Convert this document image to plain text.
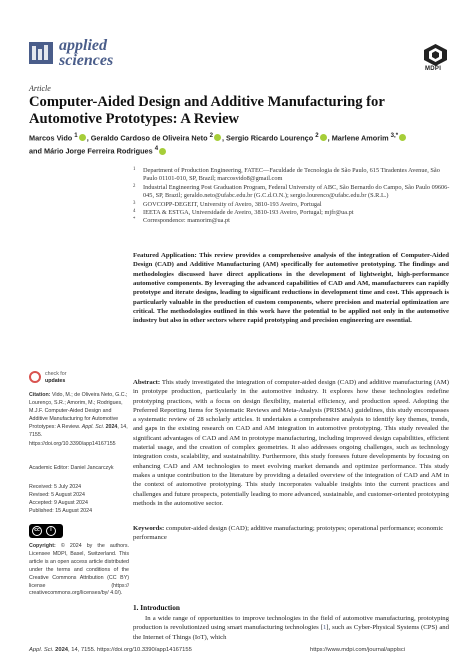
applied
sciences	MDPI
Article
Computer-Aided Design and Additive Manufacturing for Automotive Prototypes: A Review
Marcos Vido $^1$ , Geraldo Cardoso de Oliveira Neto $^2$ , Sergio Ricardo Lourenço $^2$ , Marlene Amorim $^{3,*}$
and Mário Jorge Ferreira Rodrigues $^4$
1 Department of Production Engineering, FATEC—Faculdade de Tecnologia de São Paulo, 615 Tiradentes Avenue, São Paulo 01101-010, SP, Brazil; marcosvido8@gmail.com
2 Industrial Engineering Post Graduation Program, Federal University of ABC, São Bernardo do Campo, São Paulo 09606-045, SP, Brazil; geraldo.neto@ufabc.edu.br (G.C.d.O.N.); sergio.lourenco@ufabc.edu.br (S.R.L.)
3 GOVCOPP-DEGEIT, University of Aveiro, 3810-193 Aveiro, Portugal
4 IEETA & ESTGA, Universidade de Aveiro, 3810-193 Aveiro, Portugal; mjfr@ua.pt
* Correspondence: mamorim@ua.pt
Featured Application: This review provides a comprehensive analysis of the integration of Computer-Aided Design (CAD) and Additive Manufacturing (AM) specifically for automotive prototyping. The findings and methodologies discussed have direct applications in the development of lightweight, high-performance automotive components. By leveraging the advanced capabilities of CAD and AM, manufacturers can rapidly prototype and iterate designs, leading to significant reductions in development time and cost. This approach is particularly valuable in the production of custom components, where precision and material optimization are critical. The methodologies outlined in this work have the potential to be applied not only in the automotive industry but also in other sectors where rapid prototyping and precision engineering are essential.
check for
updates
Citation: Vido, M.; de Oliveira Neto, G.C.; Lourenço, S.R.; Amorim, M.; Rodrigues, M.J.F. Computer-Aided Design and Additive Manufacturing for Automotive Prototypes: A Review. Appl. Sci. 2024, 14, 7155. https://doi.org/10.3390/app14167155
Academic Editor: Daniel Jancarczyk
Received: 5 July 2024
Revised: 5 August 2024
Accepted: 9 August 2024
Published: 15 August 2024
cc	i
Copyright: © 2024 by the authors. Licensee MDPI, Basel, Switzerland. This article is an open access article distributed under the terms and conditions of the Creative Commons Attribution (CC BY) license (https:// creativecommons.org/licenses/by/ 4.0/).
Abstract: This study investigated the integration of computer-aided design (CAD) and additive manufacturing (AM) in prototype production, particularly in the automotive industry. It explores how these technologies redefine prototyping practices, with a focus on design flexibility, material efficiency, and production speed. Adopting the Preferred Reporting Items for Systematic Reviews and Meta-Analysis (PRISMA) guidelines, this study encompasses a systematic review of 28 scholarly articles. It undertakes a comprehensive analysis to identify key themes, trends, and gaps in the existing research on CAD and AM integration in automotive prototyping. This study revealed the significant advantages of CAD and AM in prototype manufacturing, including improved design capabilities, efficient material usage, and the creation of complex geometries. It also addresses ongoing challenges, such as technology integration costs, scalability, and sustainability. Furthermore, this study foresees future developments by focusing on enhancing CAD and AM technologies to meet evolving market demands and optimize performance. This study makes a unique contribution to the literature by providing a detailed overview of the integration of CAD and AM in the context of automotive prototyping. This study incorporates valuable insights into the current practices and challenges and future prospects, potentially leading to more advanced, sustainable, and customer-oriented prototyping methods in the automotive sector.
Keywords: computer-aided design (CAD); additive manufacturing; prototypes; operational performance; economic performance
1. Introduction
In a wide range of opportunities to improve technologies in the field of automotive manufacturing, prototyping production is revolutionized using smart manufacturing technologies [1], such as Cyber-Physical Systems (CPS) and the Internet of Things (IoT), which
Appl. Sci. 2024, 14, 7155. https://doi.org/10.3390/app14167155	https://www.mdpi.com/journal/applsci
